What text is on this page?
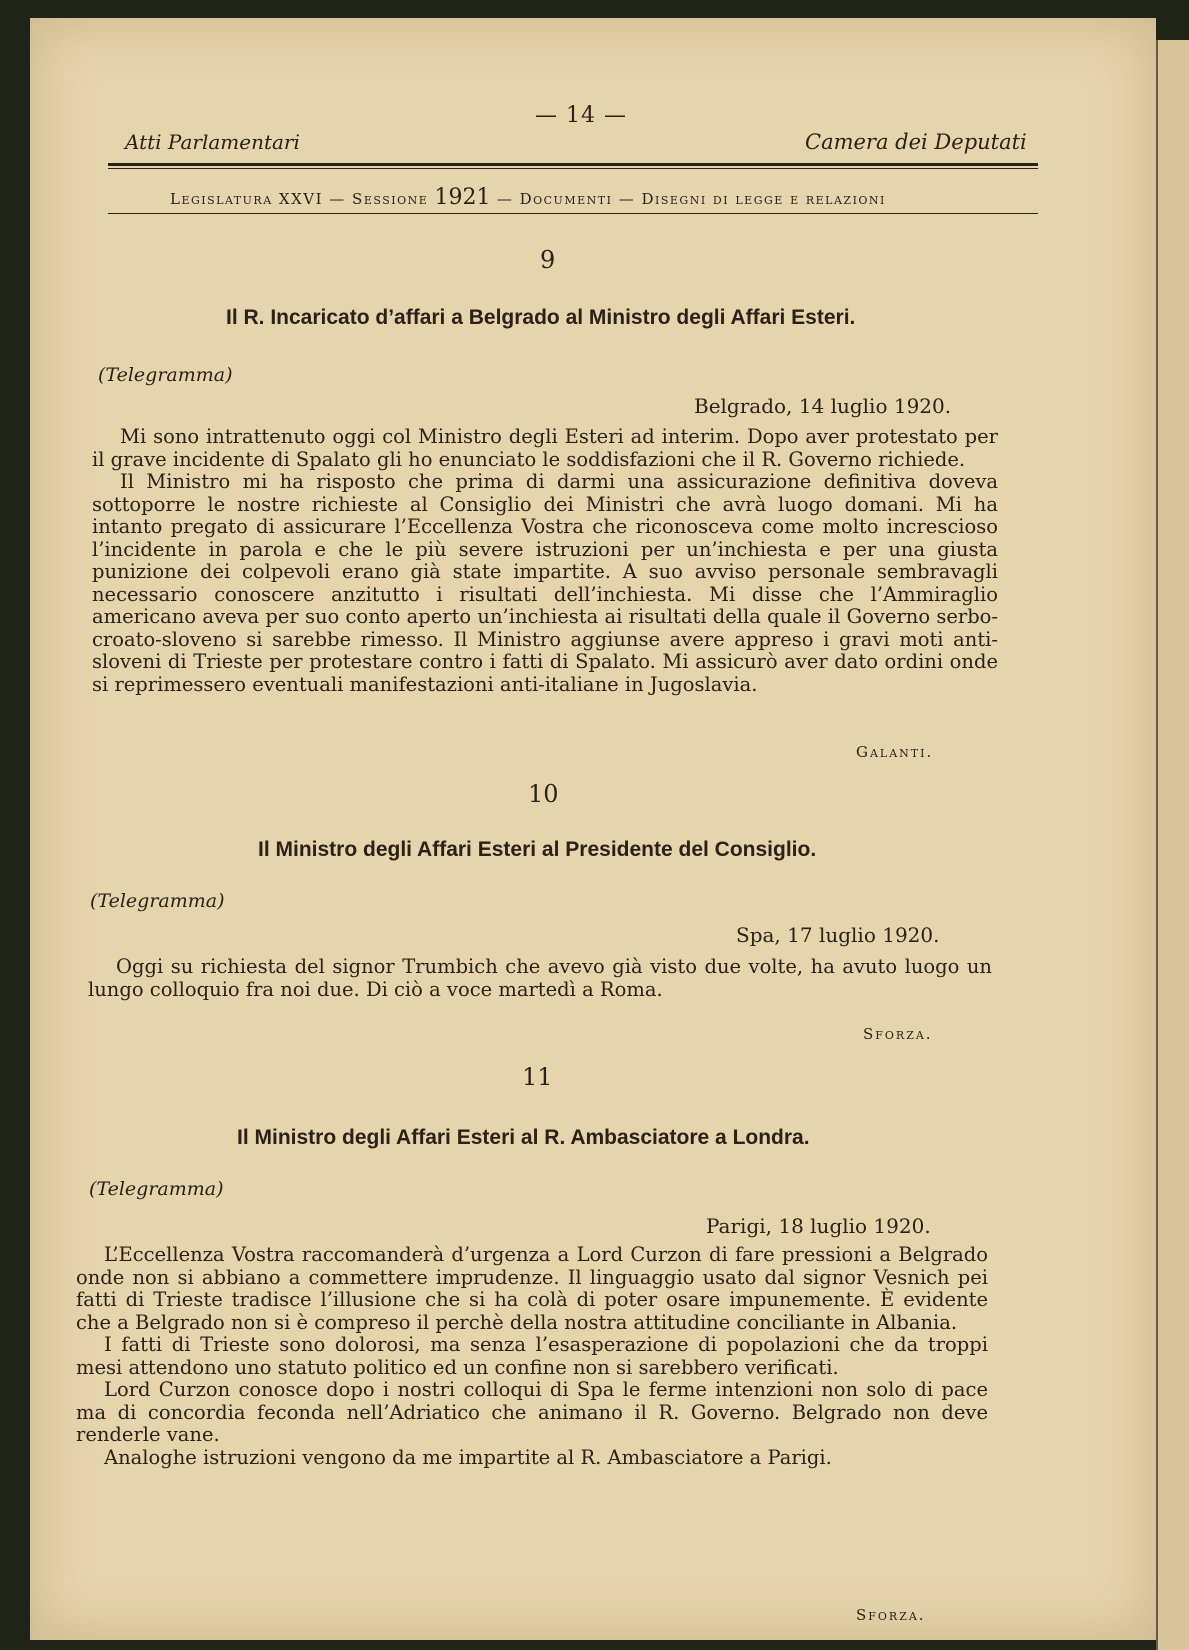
— 14 —
Atti Parlamentari	Camera dei Deputati
Legislatura XXVI — Sessione 1921 — Documenti — Disegni di legge e relazioni
9
Il R. Incaricato d’affari a Belgrado al Ministro degli Affari Esteri.
(Telegramma)
Belgrado, 14 luglio 1920.

Mi sono intrattenuto oggi col Ministro degli Esteri ad interim. Dopo aver protestato per il grave incidente di Spalato gli ho enunciato le soddisfazioni che il R. Governo richiede.

Il Ministro mi ha risposto che prima di darmi una assicurazione definitiva doveva sottoporre le nostre richieste al Consiglio dei Ministri che avrà luogo domani. Mi ha intanto pregato di assicurare l’Eccellenza Vostra che riconosceva come molto increscioso l’incidente in parola e che le più severe istruzioni per un’inchiesta e per una giusta punizione dei colpevoli erano già state impartite. A suo avviso personale sembravagli necessario conoscere anzitutto i risultati dell’inchiesta. Mi disse che l’Ammiraglio americano aveva per suo conto aperto un’inchiesta ai risultati della quale il Governo serbo-croato-sloveno si sarebbe rimesso. Il Ministro aggiunse avere appreso i gravi moti anti-sloveni di Trieste per protestare contro i fatti di Spalato. Mi assicurò aver dato ordini onde si reprimessero eventuali manifestazioni anti-italiane in Jugoslavia.

Galanti.
10
Il Ministro degli Affari Esteri al Presidente del Consiglio.
(Telegramma)
Spa, 17 luglio 1920.

Oggi su richiesta del signor Trumbich che avevo già visto due volte, ha avuto luogo un lungo colloquio fra noi due. Di ciò a voce martedì a Roma.

Sforza.
11
Il Ministro degli Affari Esteri al R. Ambasciatore a Londra.
(Telegramma)
Parigi, 18 luglio 1920.

L’Eccellenza Vostra raccomanderà d’urgenza a Lord Curzon di fare pressioni a Belgrado onde non si abbiano a commettere imprudenze. Il linguaggio usato dal signor Vesnich pei fatti di Trieste tradisce l’illusione che si ha colà di poter osare impunemente. È evidente che a Belgrado non si è compreso il perchè della nostra attitudine conciliante in Albania.

I fatti di Trieste sono dolorosi, ma senza l’esasperazione di popolazioni che da troppi mesi attendono uno statuto politico ed un confine non si sarebbero verificati.

Lord Curzon conosce dopo i nostri colloqui di Spa le ferme intenzioni non solo di pace ma di concordia feconda nell’Adriatico che animano il R. Governo. Belgrado non deve renderle vane.

Analoghe istruzioni vengono da me impartite al R. Ambasciatore a Parigi.

Sforza.
